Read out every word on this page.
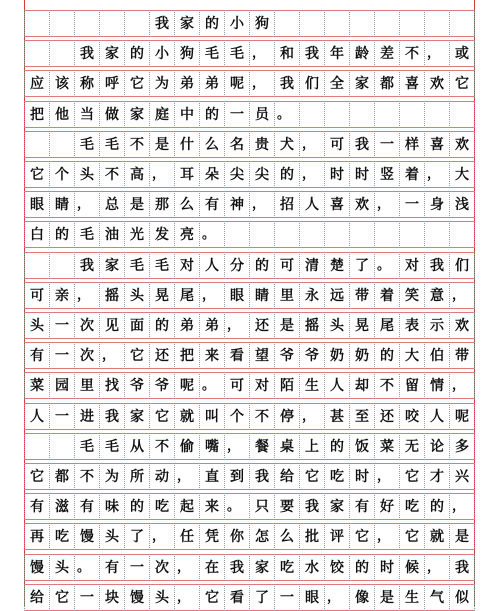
我 家 的 小 狗
我 家 的 小 狗 毛 毛 ，	和 我 年 龄 差 不 ，	或
应 该 称 呼 它 为 弟 弟 呢 ，	我 们 全 家 都 喜 欢 它
把 他 当 做 家 庭 中 的 一 员 。
毛 毛 不 是 什 么 名 贵 犬 ，	可 我 一 样 喜 欢
它 个 头 不 高 ，	耳 朵 尖 尖 的 ，	时 时 竖 着 ，	大
眼 睛 ，	总 是 那 么 有 神 ，	招 人 喜 欢 ，	一 身 浅
白 的 毛 油 光 发 亮 。
我 家 毛 毛 对 人 分 的 可 清 楚 了 。	对 我 们
可 亲 ，	摇 头 晃 尾 ，	眼 睛 里 永 远 带 着 笑 意 ，
头 一 次 见 面 的 弟 弟 ，	还 是 摇 头 晃 尾 表 示 欢
有 一 次 ，	它 还 把 来 看 望 爷 爷 奶 奶 的 大 伯 带
菜 园 里 找 爷 爷 呢 。	可 对 陌 生 人 却 不 留 情 ，
人 一 进 我 家 它 就 叫 个 不 停 ，	甚 至 还 咬 人 呢
毛 毛 从 不 偷 嘴 ，	餐 桌 上 的 饭 菜 无 论 多
它 都 不 为 所 动 ，	直 到 我 给 它 吃 时 ，	它 才 兴
有 滋 有 味 的 吃 起 来 。	只 要 我 家 有 好 吃 的 ，
再 吃 馒 头 了 ，	任 凭 你 怎 么 批 评 它 ，	它 就 是
馒 头 。	有 一 次 ，	在 我 家 吃 水 饺 的 时 候 ，	我
给 它 一 块 馒 头 ，	它 看 了 一 眼 ，	像 是 生 气 似
